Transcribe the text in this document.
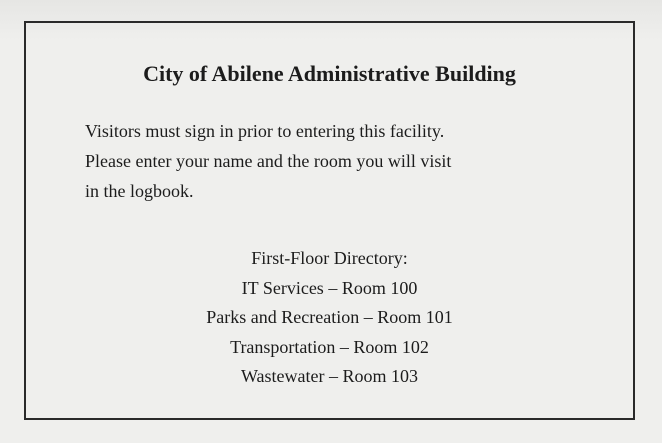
City of Abilene Administrative Building
Visitors must sign in prior to entering this facility.
Please enter your name and the room you will visit
in the logbook.
First-Floor Directory:
IT Services – Room 100
Parks and Recreation – Room 101
Transportation – Room 102
Wastewater – Room 103
